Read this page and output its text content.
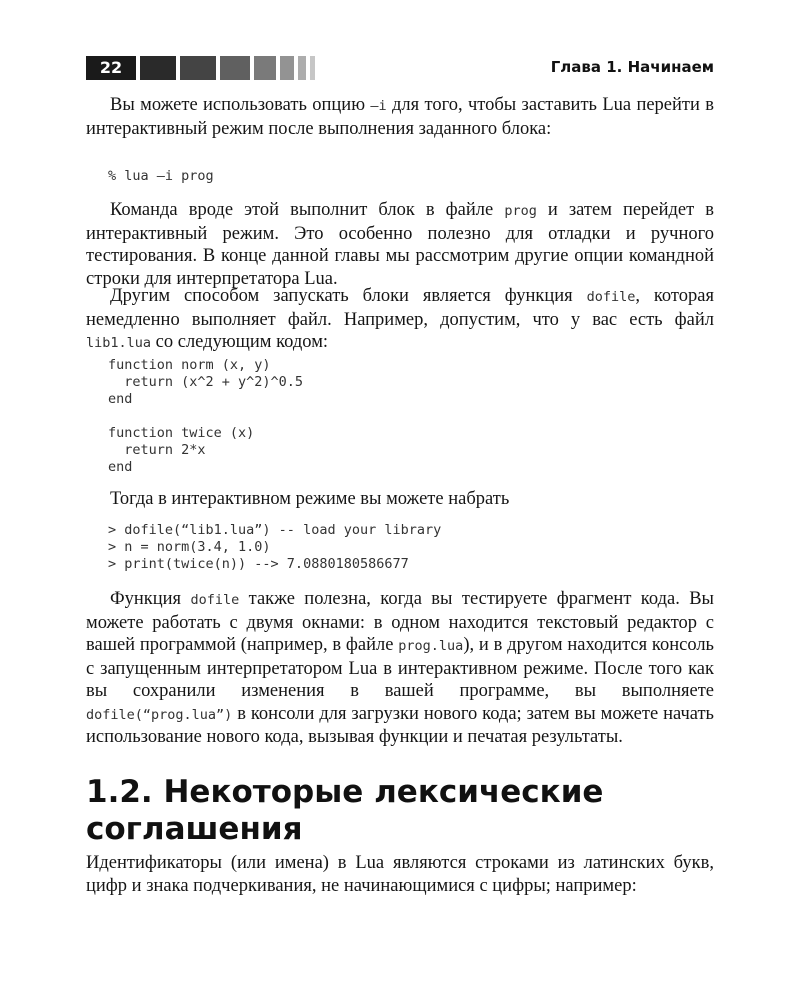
22	Глава 1. Начинаем

Вы можете использовать опцию –i для того, чтобы заставить Lua перейти в интерактивный режим после выполнения заданного блока:

% lua –i prog

Команда вроде этой выполнит блок в файле prog и затем перейдет в интерактивный режим. Это особенно полезно для отладки и ручного тестирования. В конце данной главы мы рассмотрим другие опции командной строки для интерпретатора Lua.

Другим способом запускать блоки является функция dofile, которая немедленно выполняет файл. Например, допустим, что у вас есть файл lib1.lua со следующим кодом:

function norm (x, y)
return (x^2 + y^2)^0.5
end

function twice (x)
return 2*x
end

Тогда в интерактивном режиме вы можете набрать

> dofile(“lib1.lua”) -- load your library
> n = norm(3.4, 1.0)
> print(twice(n)) --> 7.0880180586677

Функция dofile также полезна, когда вы тестируете фрагмент кода. Вы можете работать с двумя окнами: в одном находится текстовый редактор с вашей программой (например, в файле prog.lua), и в другом находится консоль с запущенным интерпретатором Lua в интерактивном режиме. После того как вы сохранили изменения в вашей программе, вы выполняете dofile(“prog.lua”) в консоли для загрузки нового кода; затем вы можете начать использование нового кода, вызывая функции и печатая результаты.

1.2. Некоторые лексические соглашения

Идентификаторы (или имена) в Lua являются строками из латинских букв, цифр и знака подчеркивания, не начинающимися с цифры; например:
